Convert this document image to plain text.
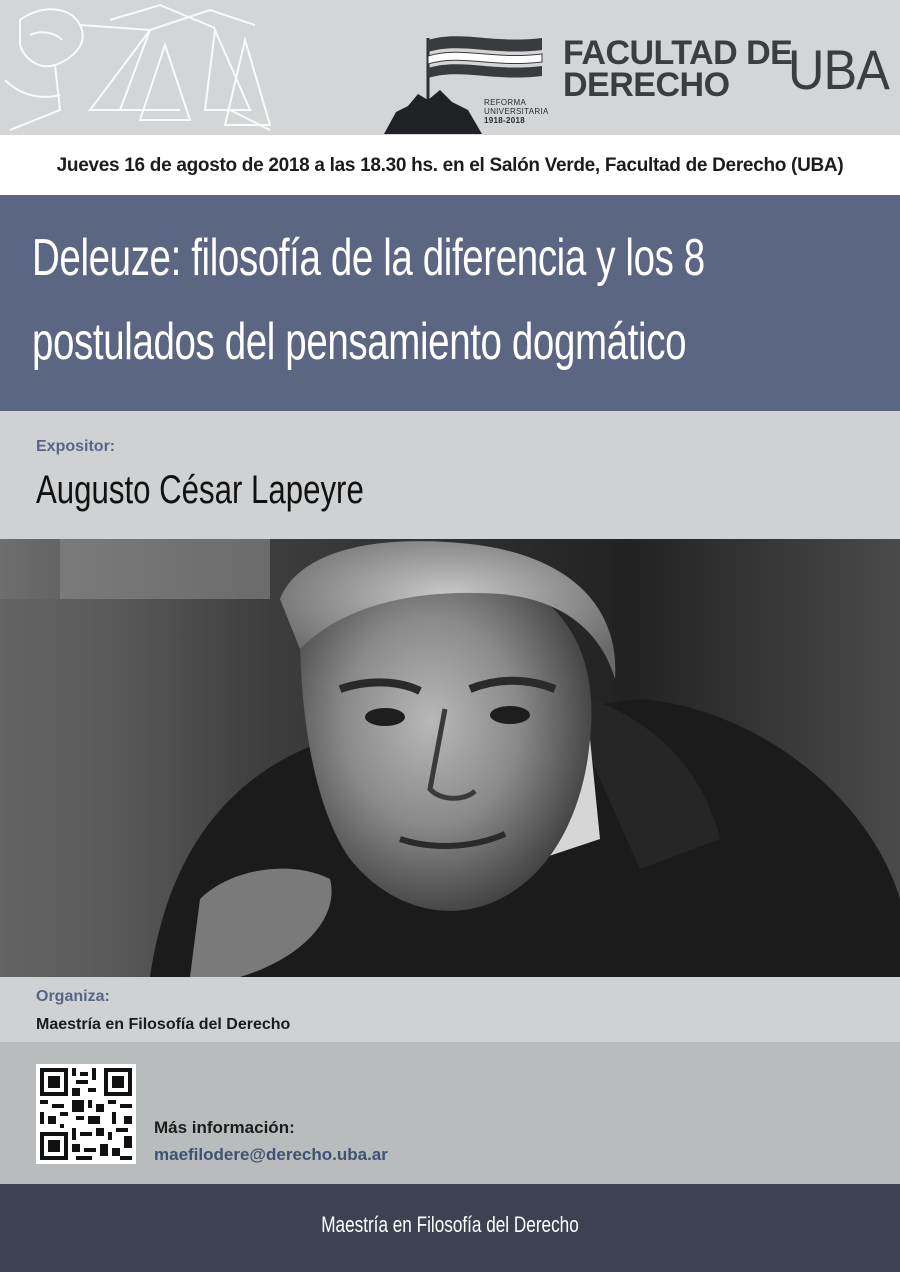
REFORMA
UNIVERSITARIA
1918-2018
FACULTAD DE
DERECHO UBA
Jueves 16 de agosto de 2018 a las 18.30 hs. en el Salón Verde, Facultad de Derecho (UBA)
Deleuze: filosofía de la diferencia y los 8
postulados del pensamiento dogmático
Expositor:
Augusto César Lapeyre
Organiza:
Maestría en Filosofía del Derecho
Más información:
maefilodere@derecho.uba.ar
Maestría en Filosofía del Derecho
